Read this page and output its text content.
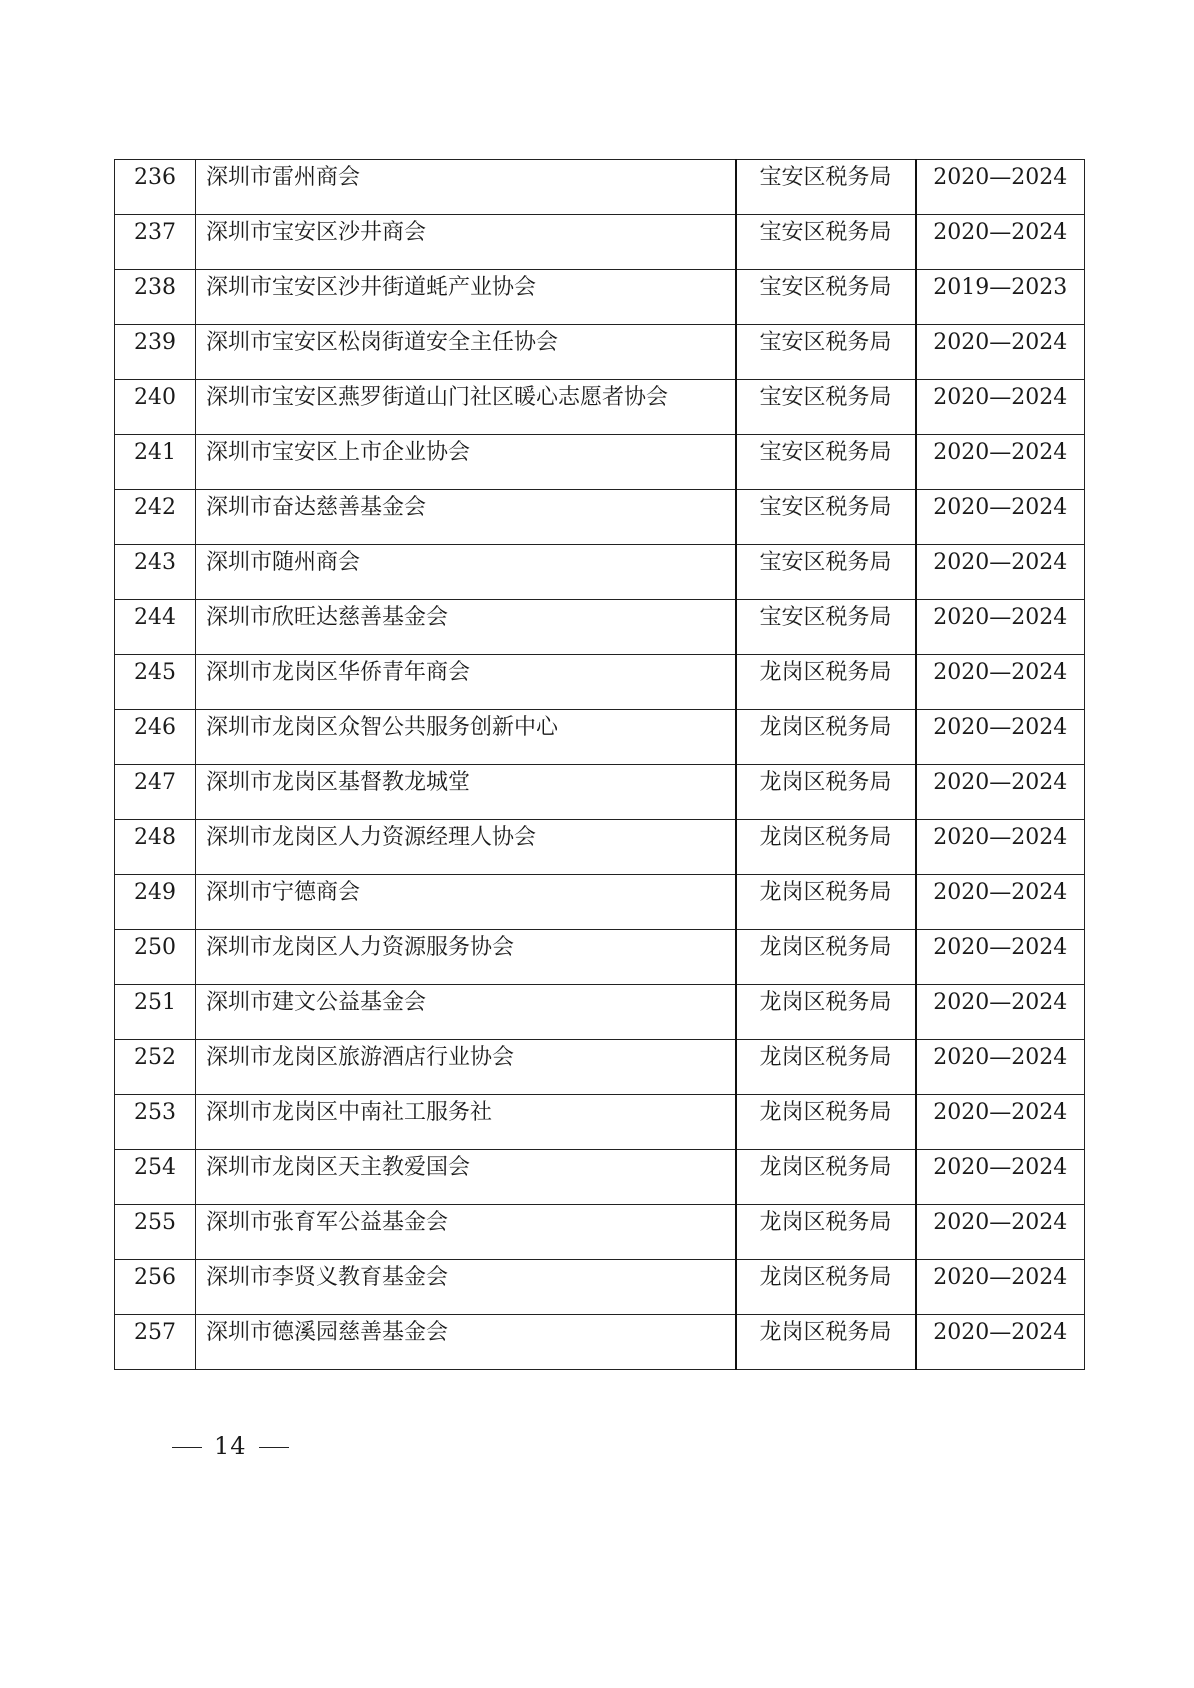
236	深圳市雷州商会	宝安区税务局	2020—2024

237	深圳市宝安区沙井商会	宝安区税务局	2020—2024

238	深圳市宝安区沙井街道蚝产业协会	宝安区税务局	2019—2023

239	深圳市宝安区松岗街道安全主任协会	宝安区税务局	2020—2024

240	深圳市宝安区燕罗街道山门社区暖心志愿者协会	宝安区税务局	2020—2024

241	深圳市宝安区上市企业协会	宝安区税务局	2020—2024

242	深圳市奋达慈善基金会	宝安区税务局	2020—2024

243	深圳市随州商会	宝安区税务局	2020—2024

244	深圳市欣旺达慈善基金会	宝安区税务局	2020—2024

245	深圳市龙岗区华侨青年商会	龙岗区税务局	2020—2024

246	深圳市龙岗区众智公共服务创新中心	龙岗区税务局	2020—2024

247	深圳市龙岗区基督教龙城堂	龙岗区税务局	2020—2024

248	深圳市龙岗区人力资源经理人协会	龙岗区税务局	2020—2024

249	深圳市宁德商会	龙岗区税务局	2020—2024

250	深圳市龙岗区人力资源服务协会	龙岗区税务局	2020—2024

251	深圳市建文公益基金会	龙岗区税务局	2020—2024

252	深圳市龙岗区旅游酒店行业协会	龙岗区税务局	2020—2024

253	深圳市龙岗区中南社工服务社	龙岗区税务局	2020—2024

254	深圳市龙岗区天主教爱国会	龙岗区税务局	2020—2024

255	深圳市张育军公益基金会	龙岗区税务局	2020—2024

256	深圳市李贤义教育基金会	龙岗区税务局	2020—2024

257	深圳市德溪园慈善基金会	龙岗区税务局	2020—2024
14
